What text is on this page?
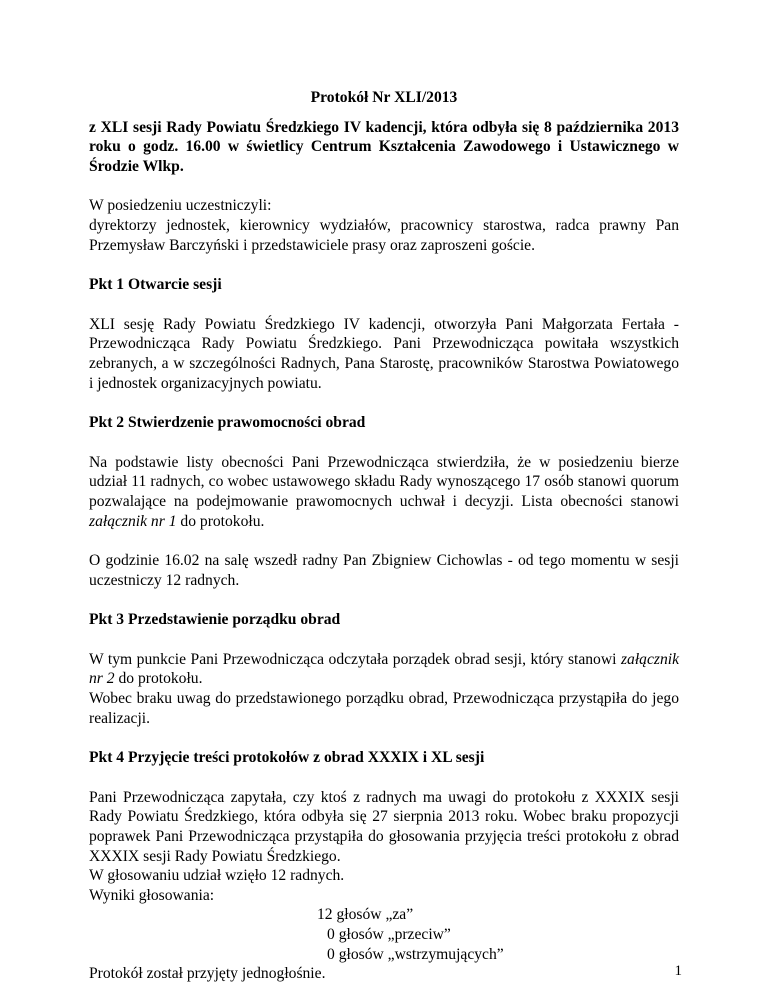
Protokół Nr XLI/2013

z XLI sesji Rady Powiatu Średzkiego IV kadencji, która odbyła się 8 października 2013 roku o godz. 16.00 w świetlicy Centrum Kształcenia Zawodowego i Ustawicznego w Środzie Wlkp.

W posiedzeniu uczestniczyli:

dyrektorzy jednostek, kierownicy wydziałów, pracownicy starostwa, radca prawny Pan Przemysław Barczyński i przedstawiciele prasy oraz zaproszeni goście.

Pkt 1 Otwarcie sesji

XLI sesję Rady Powiatu Średzkiego IV kadencji, otworzyła Pani Małgorzata Fertała - Przewodnicząca Rady Powiatu Średzkiego. Pani Przewodnicząca powitała wszystkich zebranych, a w szczególności Radnych, Pana Starostę, pracowników Starostwa Powiatowego i jednostek organizacyjnych powiatu.

Pkt 2 Stwierdzenie prawomocności obrad

Na podstawie listy obecności Pani Przewodnicząca stwierdziła, że w posiedzeniu bierze udział 11 radnych, co wobec ustawowego składu Rady wynoszącego 17 osób stanowi quorum pozwalające na podejmowanie prawomocnych uchwał i decyzji. Lista obecności stanowi załącznik nr 1 do protokołu.

O godzinie 16.02 na salę wszedł radny Pan Zbigniew Cichowlas - od tego momentu w sesji uczestniczy 12 radnych.

Pkt 3 Przedstawienie porządku obrad

W tym punkcie Pani Przewodnicząca odczytała porządek obrad sesji, który stanowi załącznik nr 2 do protokołu.

Wobec braku uwag do przedstawionego porządku obrad, Przewodnicząca przystąpiła do jego realizacji.

Pkt 4 Przyjęcie treści protokołów z obrad XXXIX i XL sesji

Pani Przewodnicząca zapytała, czy ktoś z radnych ma uwagi do protokołu z XXXIX sesji Rady Powiatu Średzkiego, która odbyła się 27 sierpnia 2013 roku. Wobec braku propozycji poprawek Pani Przewodnicząca przystąpiła do głosowania przyjęcia treści protokołu z obrad XXXIX sesji Rady Powiatu Średzkiego.

W głosowaniu udział wzięło 12 radnych.
Wyniki głosowania:
12 głosów „za”
0 głosów „przeciw”
0 głosów „wstrzymujących”
Protokół został przyjęty jednogłośnie.	1
